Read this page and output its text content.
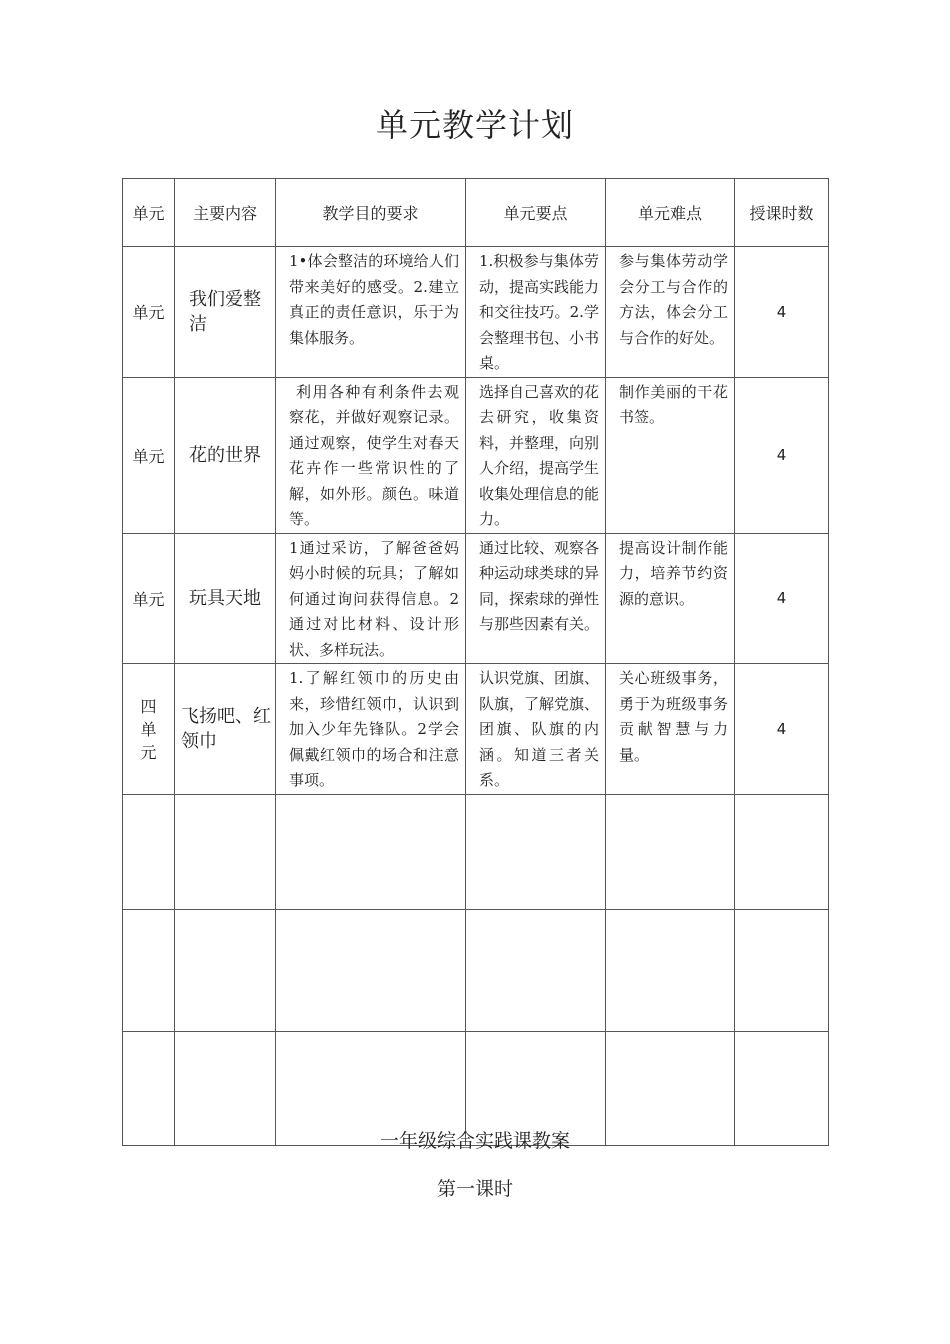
单元教学计划
单元	主要内容	教学目的要求	单元要点	单元难点	授课时数
单元	我们爱整洁	1•体会整洁的环境给人们带来美好的感受。2.建立真正的责任意识，乐于为集体服务。	1.积极参与集体劳动，提高实践能力和交往技巧。2.学会整理书包、小书桌。	参与集体劳动学会分工与合作的方法，体会分工与合作的好处。	4
单元	花的世界	利用各种有利条件去观察花，并做好观察记录。通过观察，使学生对春天花卉作一些常识性的了解，如外形。颜色。味道等。	选择自己喜欢的花去研究，收集资料，并整理，向别人介绍，提高学生收集处理信息的能力。	制作美丽的干花书签。	4
单元	玩具天地	1通过采访，了解爸爸妈妈小时候的玩具；了解如何通过询问获得信息。2通过对比材料、设计形状、多样玩法。	通过比较、观察各种运动球类球的异同，探索球的弹性与那些因素有关。	提高设计制作能力，培养节约资源的意识。	4
四单元	飞扬吧、红领巾	1.了解红领巾的历史由来，珍惜红领巾，认识到加入少年先锋队。2学会佩戴红领巾的场合和注意事项。	认识党旗、团旗、队旗，了解党旗、团旗、队旗的内涵。知道三者关系。	关心班级事务，勇于为班级事务贡献智慧与力量。	4

一年级综合实践课教案
第一课时
